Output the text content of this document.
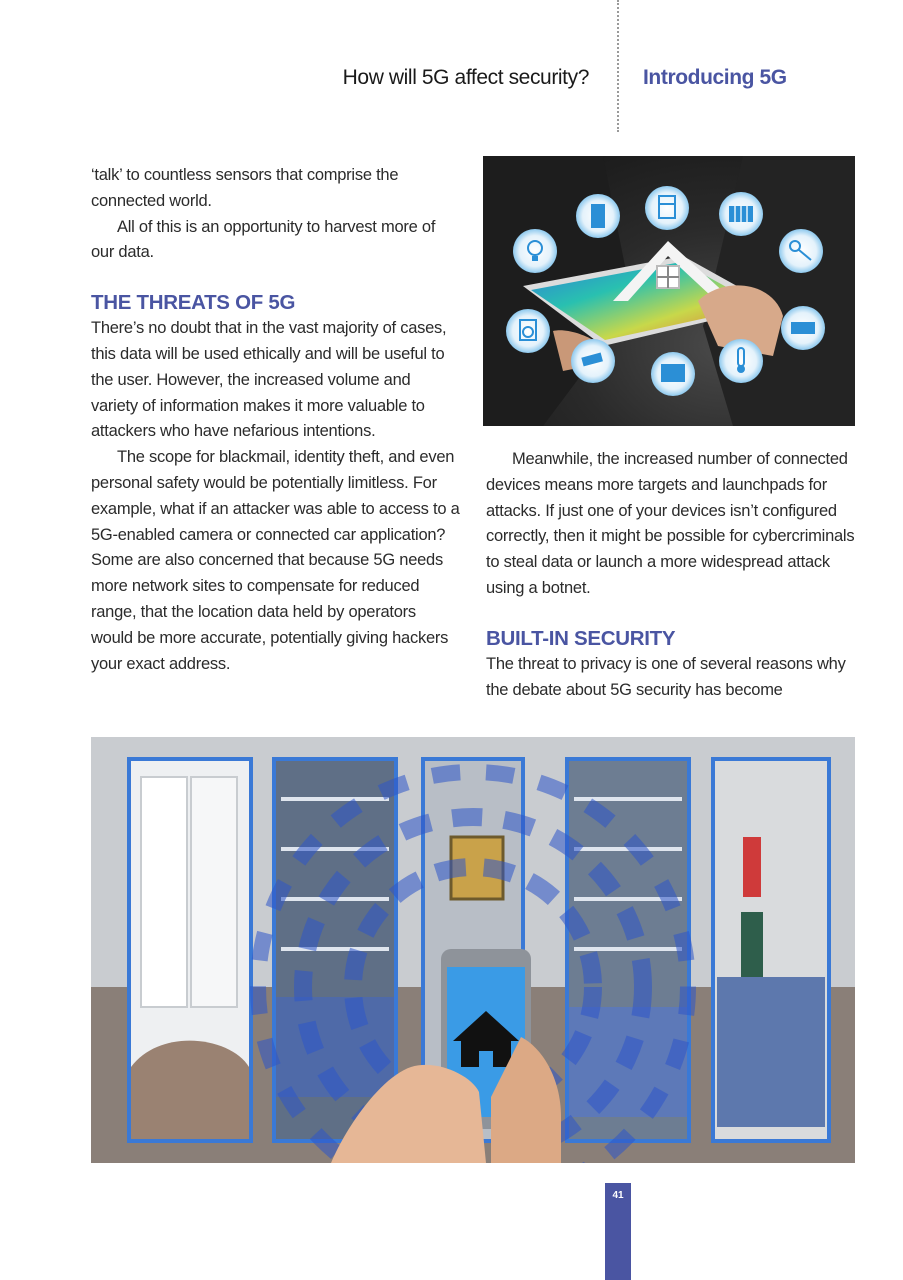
How will 5G affect security?	Introducing 5G

‘talk’ to countless sensors that comprise the connected world.

All of this is an opportunity to harvest more of our data.

THE THREATS OF 5G

There’s no doubt that in the vast majority of cases, this data will be used ethically and will be useful to the user. However, the increased volume and variety of information makes it more valuable to attackers who have nefarious intentions.

The scope for blackmail, identity theft, and even personal safety would be potentially limitless. For example, what if an attacker was able to access to a 5G-enabled camera or connected car application? Some are also concerned that because 5G needs more network sites to compensate for reduced range, that the location data held by operators would be more accurate, potentially giving hackers your exact address.

Meanwhile, the increased number of connected devices means more targets and launchpads for attacks. If just one of your devices isn’t configured correctly, then it might be possible for cybercriminals to steal data or launch a more widespread attack using a botnet.

BUILT-IN SECURITY

The threat to privacy is one of several reasons why the debate about 5G security has become

41
